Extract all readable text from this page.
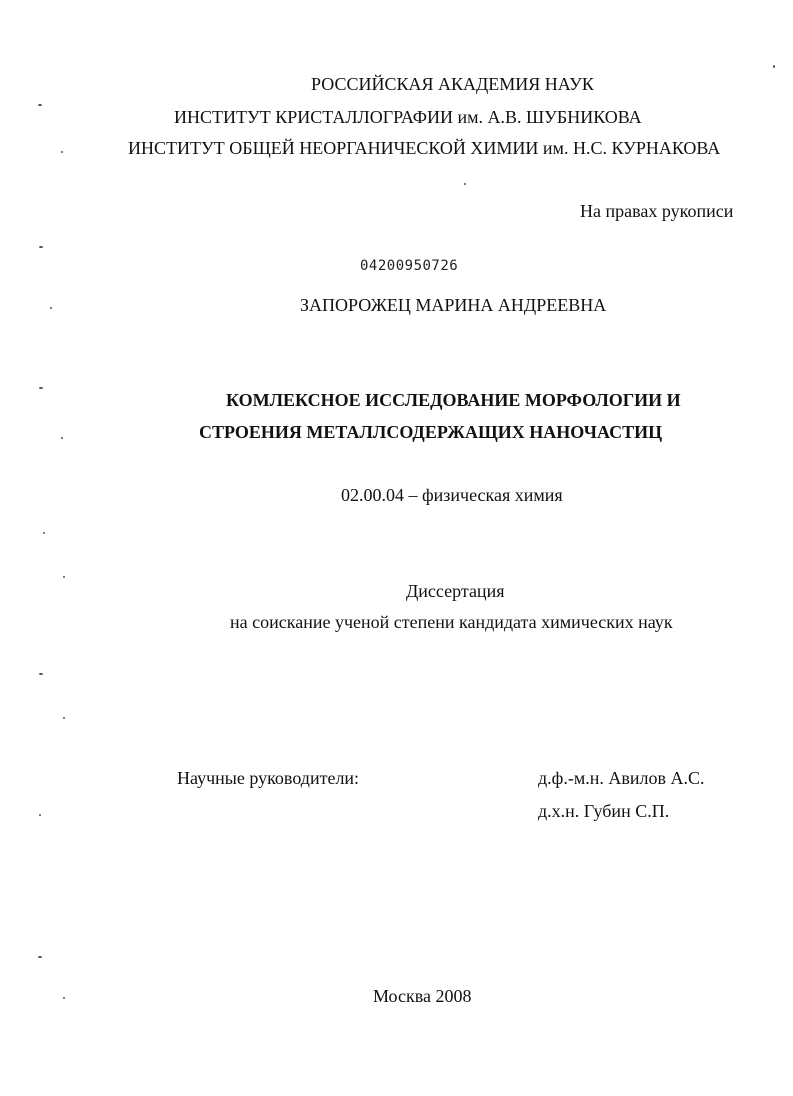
РОССИЙСКАЯ АКАДЕМИЯ НАУК
ИНСТИТУТ КРИСТАЛЛОГРАФИИ им. А.В. ШУБНИКОВА
ИНСТИТУТ ОБЩЕЙ НЕОРГАНИЧЕСКОЙ ХИМИИ им. Н.С. КУРНАКОВА
На правах рукописи
04200950726
ЗАПОРОЖЕЦ МАРИНА АНДРЕЕВНА
КОМЛЕКСНОЕ ИССЛЕДОВАНИЕ МОРФОЛОГИИ И
СТРОЕНИЯ МЕТАЛЛСОДЕРЖАЩИХ НАНОЧАСТИЦ
02.00.04 – физическая химия
Диссертация
на соискание ученой степени кандидата химических наук
Научные руководители:	д.ф.-м.н. Авилов А.С.
д.х.н. Губин С.П.
Москва 2008
